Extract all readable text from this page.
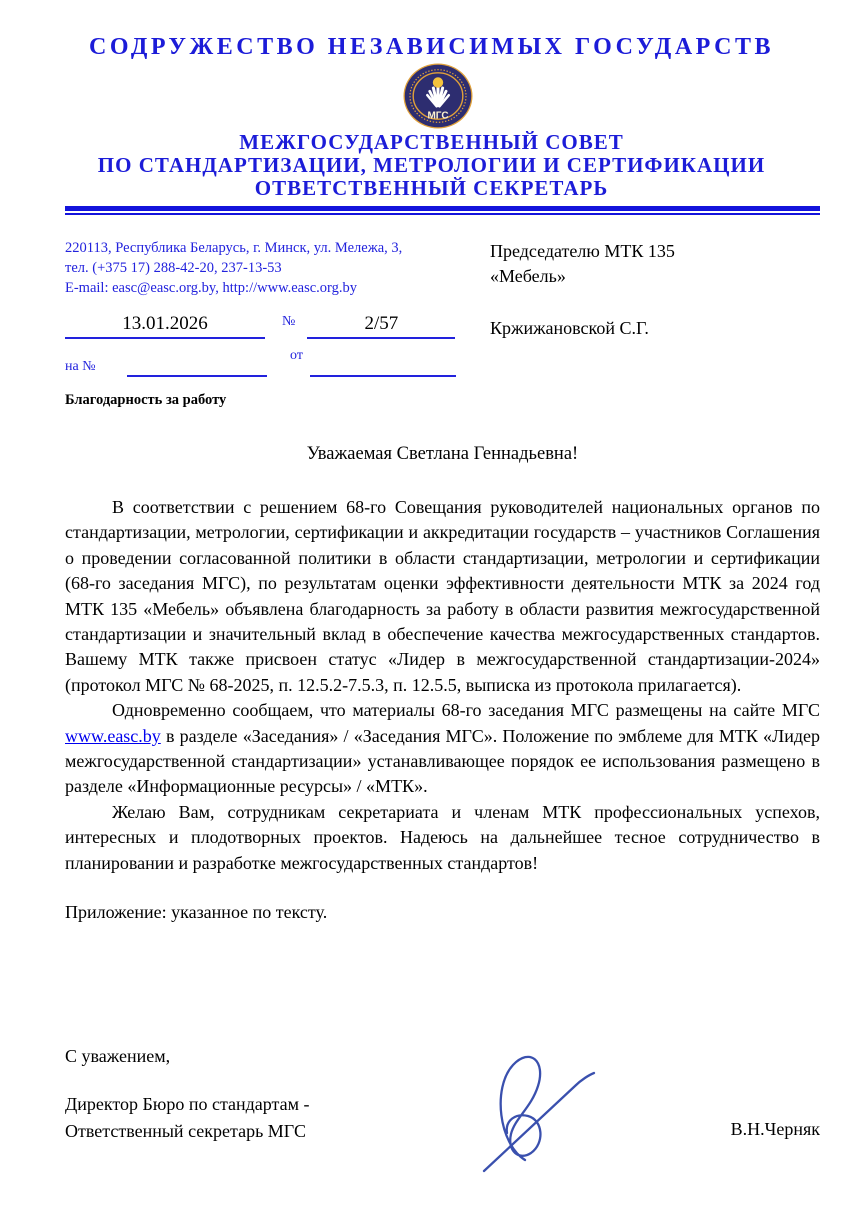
СОДРУЖЕСТВО НЕЗАВИСИМЫХ ГОСУДАРСТВ
МГС
МЕЖГОСУДАРСТВЕННЫЙ СОВЕТ
ПО СТАНДАРТИЗАЦИИ, МЕТРОЛОГИИ И СЕРТИФИКАЦИИ
ОТВЕТСТВЕННЫЙ СЕКРЕТАРЬ
220113, Республика Беларусь, г. Минск, ул. Мележа, 3,
тел. (+375 17) 288-42-20, 237-13-53
E-mail: easc@easc.org.by, http://www.easc.org.by
13.01.2026	№	2/57
на №
от
Благодарность за работу
Председателю МТК 135
«Мебель»
Кржижановской С.Г.
Уважаемая Светлана Геннадьевна!

В соответствии с решением 68-го Совещания руководителей национальных органов по стандартизации, метрологии, сертификации и аккредитации государств – участников Соглашения о проведении согласованной политики в области стандартизации, метрологии и сертификации (68-го заседания МГС), по результатам оценки эффективности деятельности МТК за 2024 год МТК 135 «Мебель» объявлена благодарность за работу в области развития межгосударственной стандартизации и значительный вклад в обеспечение качества межгосударственных стандартов. Вашему МТК также присвоен статус «Лидер в межгосударственной стандартизации-2024» (протокол МГС № 68-2025, п. 12.5.2-7.5.3, п. 12.5.5, выписка из протокола прилагается).

Одновременно сообщаем, что материалы 68-го заседания МГС размещены на сайте МГС www.easc.by в разделе «Заседания» / «Заседания МГС». Положение по эмблеме для МТК «Лидер межгосударственной стандартизации» устанавливающее порядок ее использования размещено в разделе «Информационные ресурсы» / «МТК».

Желаю Вам, сотрудникам секретариата и членам МТК профессиональных успехов, интересных и плодотворных проектов. Надеюсь на дальнейшее тесное сотрудничество в планировании и разработке межгосударственных стандартов!

Приложение: указанное по тексту.

С уважением,
Директор Бюро по стандартам -
Ответственный секретарь МГС	В.Н.Черняк
